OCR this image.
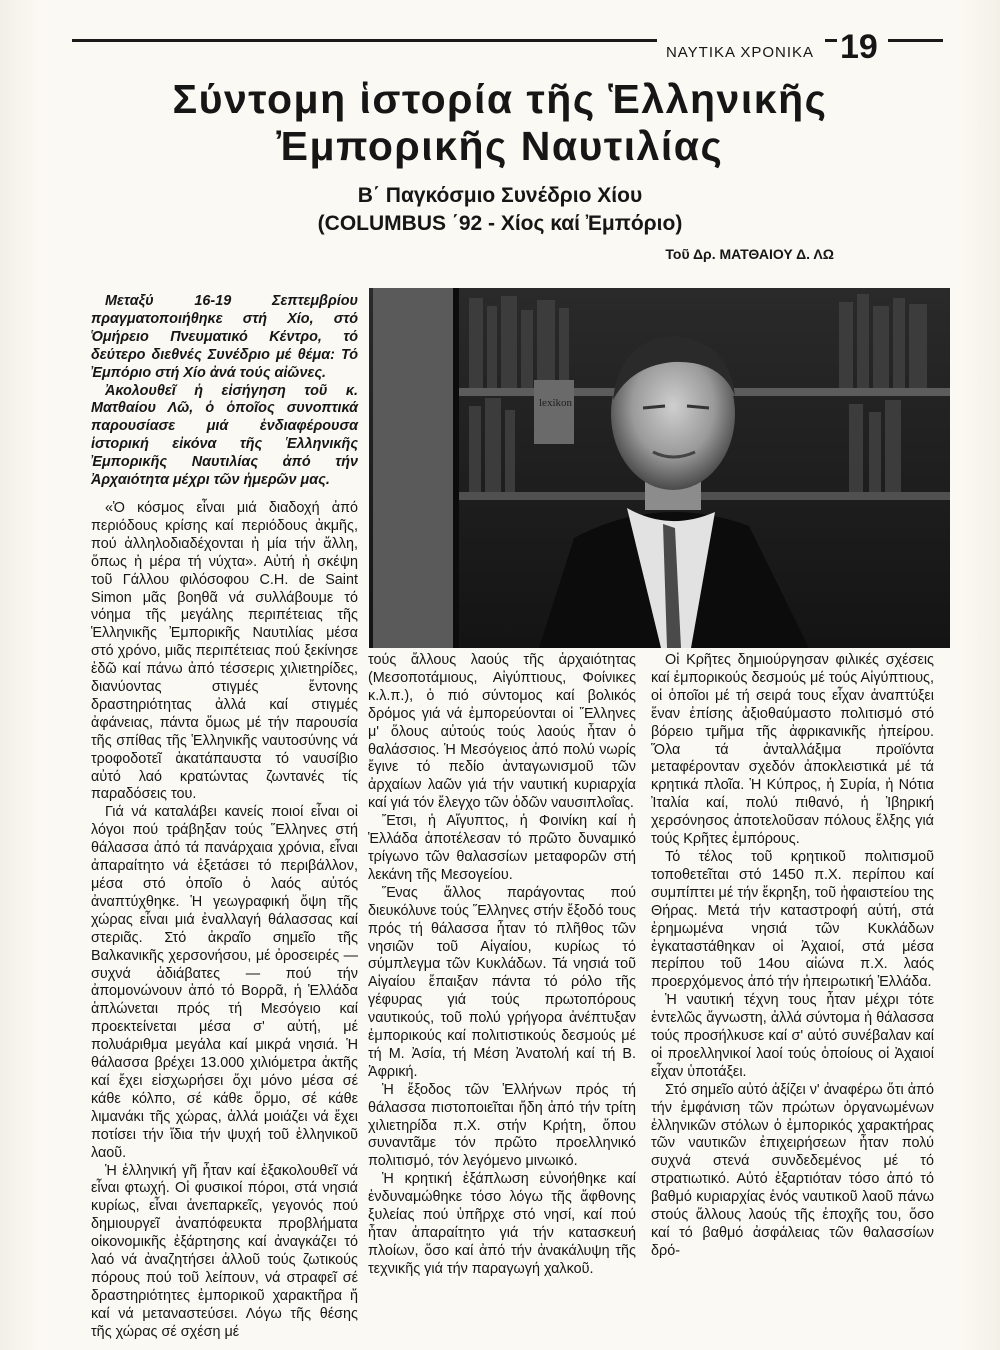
ΝΑΥΤΙΚΑ ΧΡΟΝΙΚΑ 19
Σύντομη ἱστορία τῆς Ἑλληνικῆς
Ἐμπορικῆς Ναυτιλίας
Β΄ Παγκόσμιο Συνέδριο Χίου
(COLUMBUS ΄92 - Χίος καί Ἐμπόριο)
Τοῦ Δρ. ΜΑΤΘΑΙΟΥ Δ. ΛΩ

Μεταξύ 16-19 Σεπτεμβρίου πραγματοποιήθηκε στή Χίο, στό Ὁμήρειο Πνευματικό Κέντρο, τό δεύτερο διεθνές Συνέδριο μέ θέμα: Τό Ἐμπόριο στή Χίο ἀνά τούς αἰῶνες.

Ἀκολουθεῖ ἡ εἰσήγηση τοῦ κ. Ματθαίου Λῶ, ὁ ὁποῖος συνοπτικά παρουσίασε μιά ἐνδιαφέρουσα ἱστορική εἰκόνα τῆς Ἑλληνικῆς Ἐμπορικῆς Ναυτιλίας ἀπό τήν Ἀρχαιότητα μέχρι τῶν ἡμερῶν μας.

«Ὁ κόσμος εἶναι μιά διαδοχή ἀπό περιόδους κρίσης καί περιόδους ἀκμῆς, πού ἀλληλοδιαδέχονται ἡ μία τήν ἄλλη, ὅπως ἡ μέρα τή νύχτα». Αὐτή ἡ σκέψη τοῦ Γάλλου φιλόσοφου C.H. de Saint Simon μᾶς βοηθᾶ νά συλλάβουμε τό νόημα τῆς μεγάλης περιπέτειας τῆς Ἑλληνικῆς Ἐμπορικῆς Ναυτιλίας μέσα στό χρόνο, μιᾶς περιπέτειας πού ξεκίνησε ἐδῶ καί πάνω ἀπό τέσσερις χιλιετηρίδες, διανύοντας στιγμές ἔντονης δραστηριότητας ἀλλά καί στιγμές ἀφάνειας, πάντα ὅμως μέ τήν παρουσία τῆς σπίθας τῆς Ἑλληνικῆς ναυτοσύνης νά τροφοδοτεῖ ἀκατάπαυστα τό ναυσίβιο αὐτό λαό κρατώντας ζωντανές τίς παραδόσεις του.

Γιά νά καταλάβει κανείς ποιοί εἶναι οἱ λόγοι πού τράβηξαν τούς Ἕλληνες στή θάλασσα ἀπό τά πανάρχαια χρόνια, εἶναι ἀπαραίτητο νά ἐξετάσει τό περιβάλλον, μέσα στό ὁποῖο ὁ λαός αὐτός ἀναπτύχθηκε. Ἡ γεωγραφική ὄψη τῆς χώρας εἶναι μιά ἐναλλαγή θάλασσας καί στεριᾶς. Στό ἀκραῖο σημεῖο τῆς Βαλκανικῆς χερσονήσου, μέ ὀροσειρές — συχνά ἀδιάβατες — πού τήν ἀπομονώνουν ἀπό τό Βορρᾶ, ἡ Ἑλλάδα ἁπλώνεται πρός τή Μεσόγειο καί προεκτείνεται μέσα σ' αὐτή, μέ πολυάριθμα μεγάλα καί μικρά νησιά. Ἡ θάλασσα βρέχει 13.000 χιλιόμετρα ἀκτῆς καί ἔχει εἰσχωρήσει ὄχι μόνο μέσα σέ κάθε κόλπο, σέ κάθε ὅρμο, σέ κάθε λιμανάκι τῆς χώρας, ἀλλά μοιάζει νά ἔχει ποτίσει τήν ἴδια τήν ψυχή τοῦ ἑλληνικοῦ λαοῦ.

Ἡ ἑλληνική γῆ ἦταν καί ἐξακολουθεῖ νά εἶναι φτωχή. Οἱ φυσικοί πόροι, στά νησιά κυρίως, εἶναι ἀνεπαρκεῖς, γεγονός πού δημιουργεῖ ἀναπόφευκτα προβλήματα οἰκονομικῆς ἐξάρτησης καί ἀναγκάζει τό λαό νά ἀναζητήσει ἀλλοῦ τούς ζωτικούς πόρους πού τοῦ λείπουν, νά στραφεῖ σέ δραστηριότητες ἐμπορικοῦ χαρακτῆρα ἤ καί νά μεταναστεύσει. Λόγω τῆς θέσης τῆς χώρας σέ σχέση μέ

lexikon

τούς ἄλλους λαούς τῆς ἀρχαιότητας (Μεσοποτάμιους, Αἰγύπτιους, Φοίνικες κ.λ.π.), ὁ πιό σύντομος καί βολικός δρόμος γιά νά ἐμπορεύονται οἱ Ἕλληνες μ' ὅλους αὐτούς τούς λαούς ἦταν ὁ θαλάσσιος. Ἡ Μεσόγειος ἀπό πολύ νωρίς ἔγινε τό πεδίο ἀνταγωνισμοῦ τῶν ἀρχαίων λαῶν γιά τήν ναυτική κυριαρχία καί γιά τόν ἔλεγχο τῶν ὁδῶν ναυσιπλοΐας.

Ἔτσι, ἡ Αἴγυπτος, ἡ Φοινίκη καί ἡ Ἑλλάδα ἀποτέλεσαν τό πρῶτο δυναμικό τρίγωνο τῶν θαλασσίων μεταφορῶν στή λεκάνη τῆς Μεσογείου.

Ἕνας ἄλλος παράγοντας πού διευκόλυνε τούς Ἕλληνες στήν ἔξοδό τους πρός τή θάλασσα ἦταν τό πλῆθος τῶν νησιῶν τοῦ Αἰγαίου, κυρίως τό σύμπλεγμα τῶν Κυκλάδων. Τά νησιά τοῦ Αἰγαίου ἔπαιξαν πάντα τό ρόλο τῆς γέφυρας γιά τούς πρωτοπόρους ναυτικούς, τοῦ πολύ γρήγορα ἀνέπτυξαν ἐμπορικούς καί πολιτιστικούς δεσμούς μέ τή Μ. Ἀσία, τή Μέση Ἀνατολή καί τή Β. Ἀφρική.

Ἡ ἔξοδος τῶν Ἑλλήνων πρός τή θάλασσα πιστοποιεῖται ἤδη ἀπό τήν τρίτη χιλιετηρίδα π.Χ. στήν Κρήτη, ὅπου συναντᾶμε τόν πρῶτο προελληνικό πολιτισμό, τόν λεγόμενο μινωικό.

Ἡ κρητική ἐξάπλωση εὐνοήθηκε καί ἐνδυναμώθηκε τόσο λόγω τῆς ἄφθονης ξυλείας πού ὑπῆρχε στό νησί, καί πού ἦταν ἀπαραίτητο γιά τήν κατασκευή πλοίων, ὅσο καί ἀπό τήν ἀνακάλυψη τῆς τεχνικῆς γιά τήν παραγωγή χαλκοῦ.

Οἱ Κρῆτες δημιούργησαν φιλικές σχέσεις καί ἐμπορικούς δεσμούς μέ τούς Αἰγύπτιους, οἱ ὁποῖοι μέ τή σειρά τους εἶχαν ἀναπτύξει ἕναν ἐπίσης ἀξιοθαύμαστο πολιτισμό στό βόρειο τμῆμα τῆς ἀφρικανικῆς ἠπείρου. Ὅλα τά ἀνταλλάξιμα προϊόντα μεταφέρονταν σχεδόν ἀποκλειστικά μέ τά κρητικά πλοῖα. Ἡ Κύπρος, ἡ Συρία, ἡ Νότια Ἰταλία καί, πολύ πιθανό, ἡ Ἰβηρική χερσόνησος ἀποτελοῦσαν πόλους ἕλξης γιά τούς Κρῆτες ἐμπόρους.

Τό τέλος τοῦ κρητικοῦ πολιτισμοῦ τοποθετεῖται στό 1450 π.Χ. περίπου καί συμπίπτει μέ τήν ἔκρηξη, τοῦ ἡφαιστείου της Θήρας. Μετά τήν καταστροφή αὐτή, στά ἐρημωμένα νησιά τῶν Κυκλάδων ἐγκαταστάθηκαν οἱ Ἀχαιοί, στά μέσα περίπου τοῦ 14ου αἰώνα π.Χ. λαός προερχόμενος ἀπό τήν ἠπειρωτική Ἑλλάδα.

Ἡ ναυτική τέχνη τους ἦταν μέχρι τότε ἐντελῶς ἄγνωστη, ἀλλά σύντομα ἡ θάλασσα τούς προσήλκυσε καί σ' αὐτό συνέβαλαν καί οἱ προελληνικοί λαοί τούς ὁποίους οἱ Ἀχαιοί εἶχαν ὑποτάξει.

Στό σημεῖο αὐτό ἀξίζει ν' ἀναφέρω ὅτι ἀπό τήν ἐμφάνιση τῶν πρώτων ὀργανωμένων ἑλληνικῶν στόλων ὁ ἐμπορικός χαρακτήρας τῶν ναυτικῶν ἐπιχειρήσεων ἦταν πολύ συχνά στενά συνδεδεμένος μέ τό στρατιωτικό. Αὐτό ἐξαρτιόταν τόσο ἀπό τό βαθμό κυριαρχίας ἑνός ναυτικοῦ λαοῦ πάνω στούς ἄλλους λαούς τῆς ἐποχῆς του, ὅσο καί τό βαθμό ἀσφάλειας τῶν θαλασσίων δρό-
